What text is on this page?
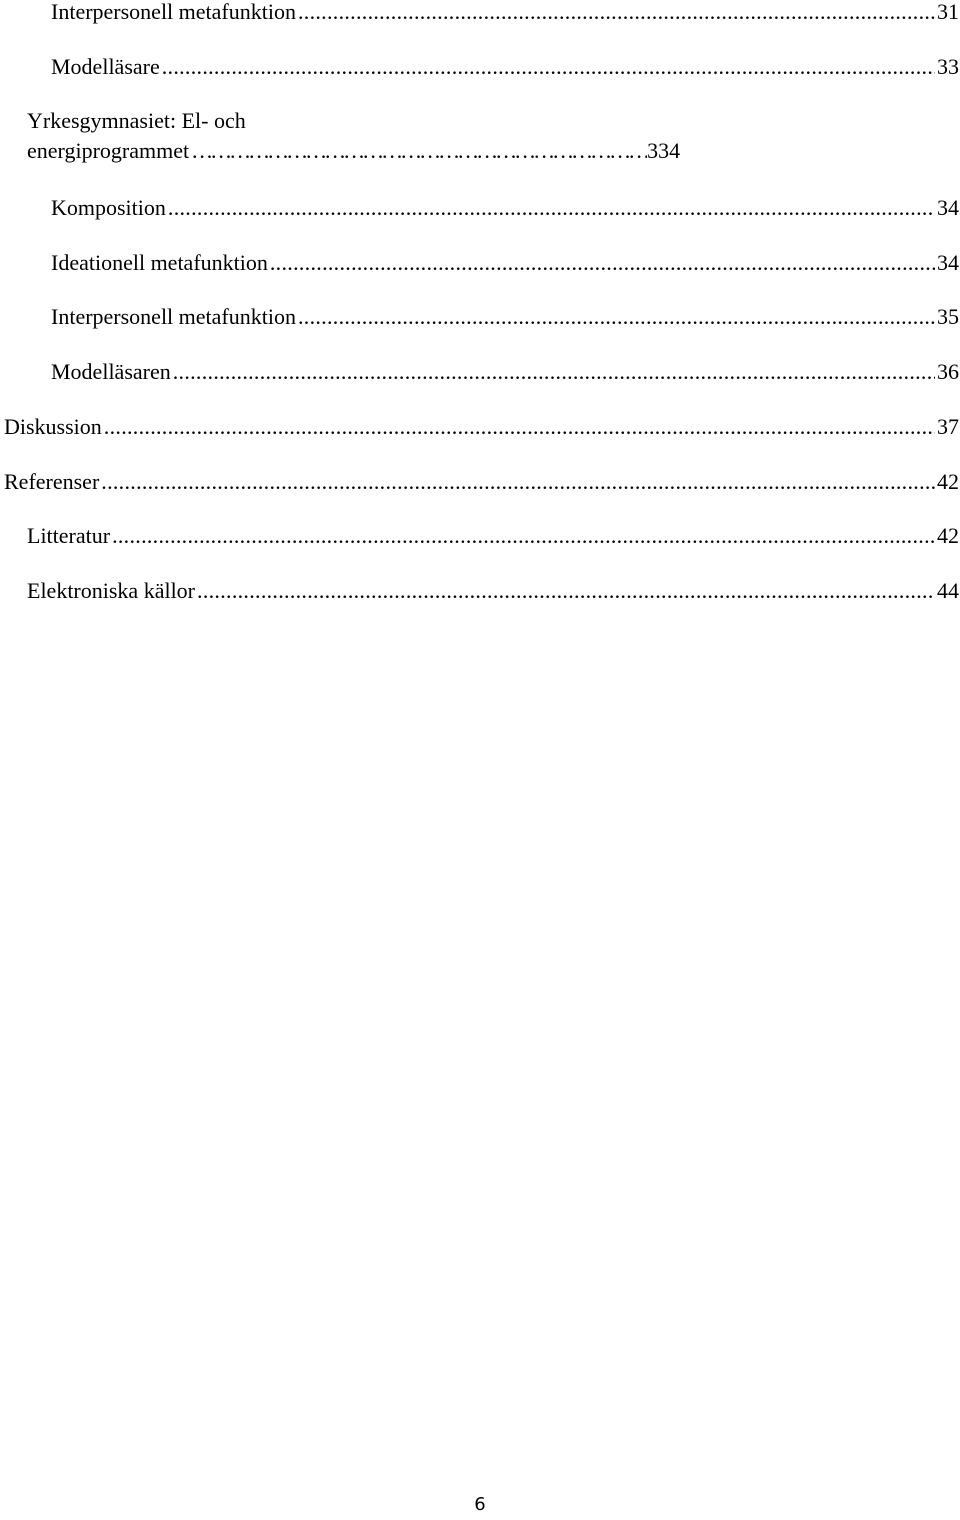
Interpersonell metafunktion . . .	31
Modelläsare . . .	33
Yrkesgymnasiet: El- och
energiprogrammet …………………………………………………………………………………………	334
Komposition . . .	34
Ideationell metafunktion . . .	34
Interpersonell metafunktion . . .	35
Modelläsaren . . .	36
Diskussion . . .	37
Referenser . . .	42
Litteratur . . .	42
Elektroniska källor . . .	44
6
